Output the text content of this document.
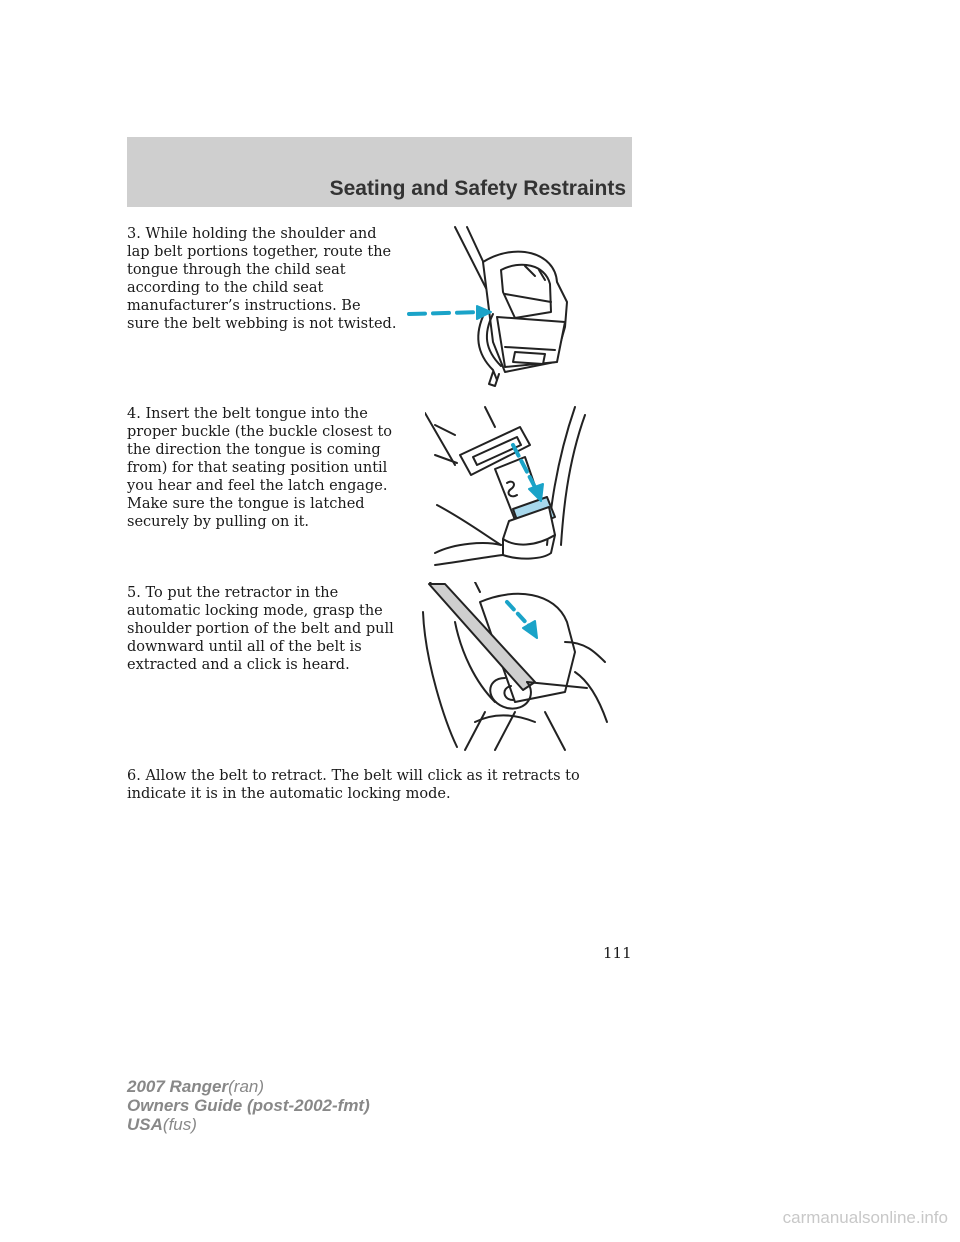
Seating and Safety Restraints

3. While holding the shoulder and lap belt portions together, route the tongue through the child seat according to the child seat manufacturer’s instructions. Be sure the belt webbing is not twisted.

4. Insert the belt tongue into the proper buckle (the buckle closest to the direction the tongue is coming from) for that seating position until you hear and feel the latch engage. Make sure the tongue is latched securely by pulling on it.

5. To put the retractor in the automatic locking mode, grasp the shoulder portion of the belt and pull downward until all of the belt is extracted and a click is heard.

6. Allow the belt to retract. The belt will click as it retracts to indicate it is in the automatic locking mode.

111
2007 Ranger(ran)
Owners Guide (post-2002-fmt)
USA(fus)
carmanualsonline.info
